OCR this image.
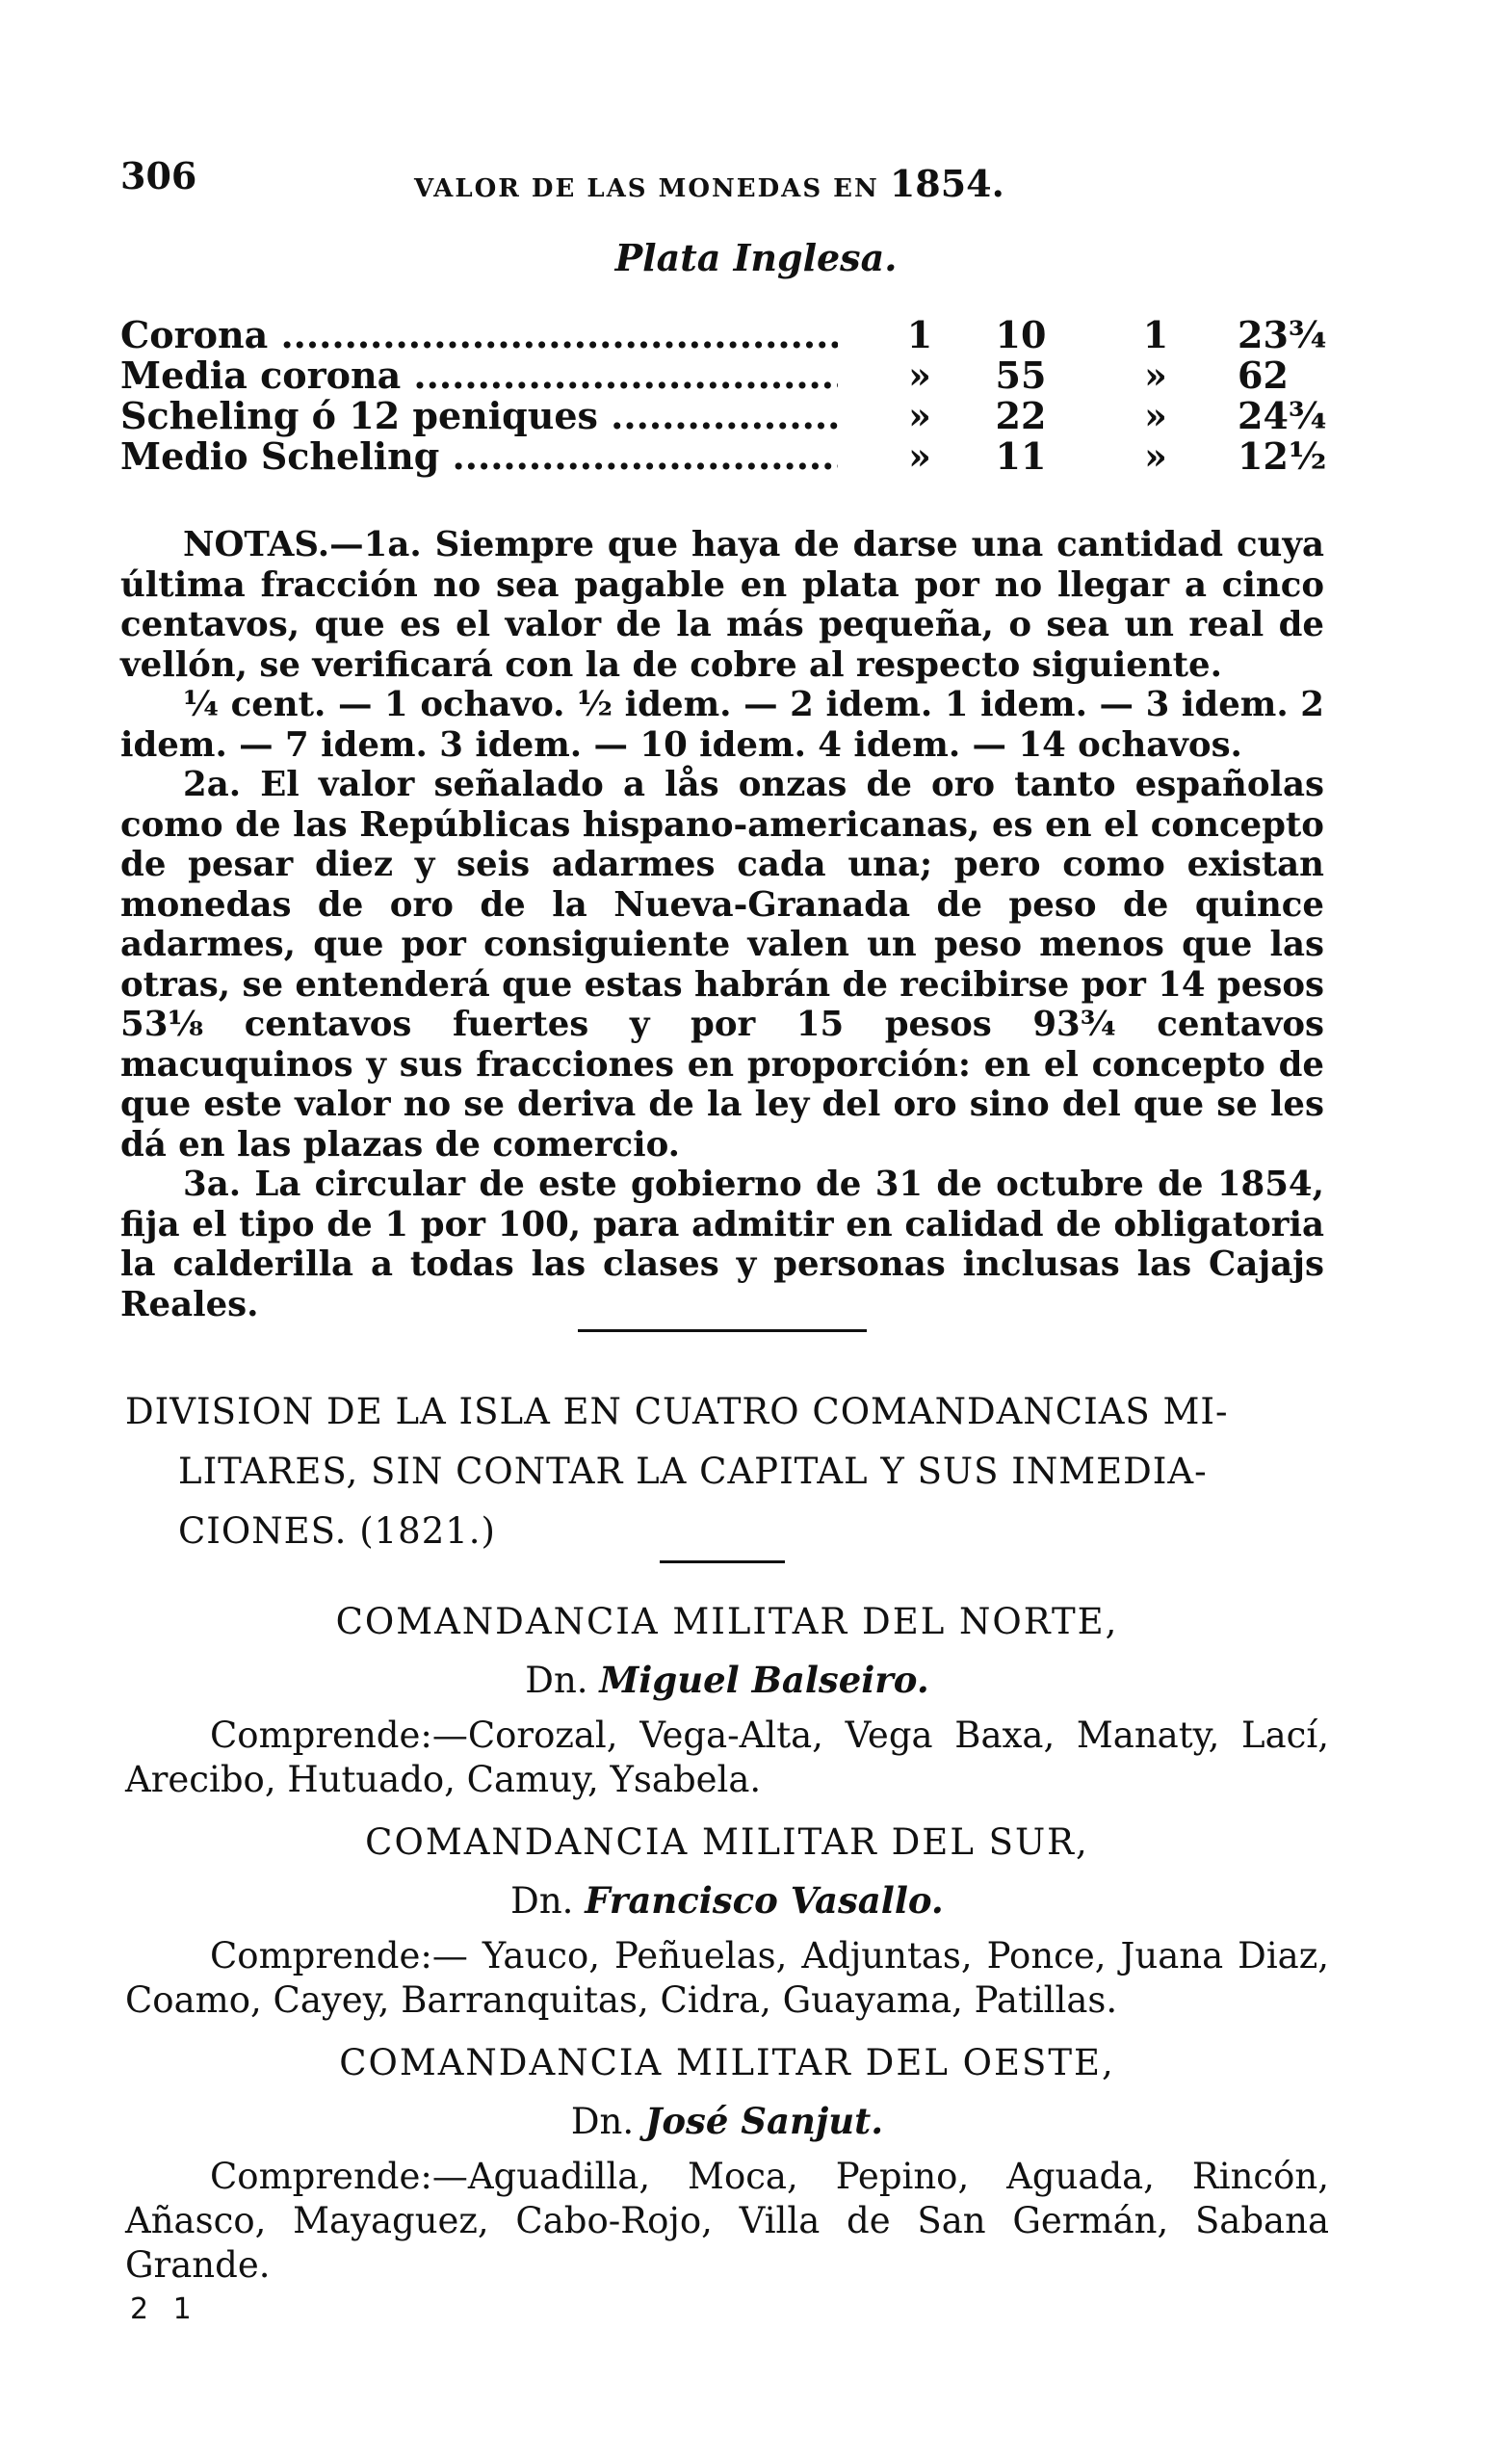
306	VALOR DE LAS MONEDAS EN 1854.
Plata Inglesa.
Corona .....	1	10	1	23¾
Media corona .....	»	55	»	62
Scheling ó 12 peniques .....	»	22	»	24¾
Medio Scheling .....	»	11	»	12½

NOTAS.—1a. Siempre que haya de darse una cantidad cuya última fracción no sea pagable en plata por no llegar a cinco centavos, que es el valor de la más pequeña, o sea un real de vellón, se verificará con la de cobre al respecto siguiente.

¼ cent. — 1 ochavo. ½ idem. — 2 idem. 1 idem. — 3 idem. 2 idem. — 7 idem. 3 idem. — 10 idem. 4 idem. — 14 ochavos.

2a. El valor señalado a lås onzas de oro tanto españolas como de las Repúblicas hispano-americanas, es en el concepto de pesar diez y seis adarmes cada una; pero como existan monedas de oro de la Nueva-Granada de peso de quince adarmes, que por consiguiente valen un peso menos que las otras, se entenderá que estas habrán de recibirse por 14 pesos 53⅛ centavos fuertes y por 15 pesos 93¾ centavos macuquinos y sus fracciones en proporción: en el concepto de que este valor no se deriva de la ley del oro sino del que se les dá en las plazas de comercio.

3a. La circular de este gobierno de 31 de octubre de 1854, fija el tipo de 1 por 100, para admitir en calidad de obligatoria la calderilla a todas las clases y personas inclusas las Cajajs Reales.

DIVISION DE LA ISLA EN CUATRO COMANDANCIAS MI-
LITARES, SIN CONTAR LA CAPITAL Y SUS INMEDIA-
CIONES. (1821.)

COMANDANCIA MILITAR DEL NORTE,

Dn. Miguel Balseiro.

Comprende:—Corozal, Vega-Alta, Vega Baxa, Manaty, Lací, Arecibo, Hutuado, Camuy, Ysabela.

COMANDANCIA MILITAR DEL SUR,

Dn. Francisco Vasallo.

Comprende:— Yauco, Peñuelas, Adjuntas, Ponce, Juana Diaz, Coamo, Cayey, Barranquitas, Cidra, Guayama, Patillas.

COMANDANCIA MILITAR DEL OESTE,

Dn. José Sanjut.

Comprende:—Aguadilla, Moca, Pepino, Aguada, Rincón, Añasco, Mayaguez, Cabo-Rojo, Villa de San Germán, Sabana Grande.

2 1
